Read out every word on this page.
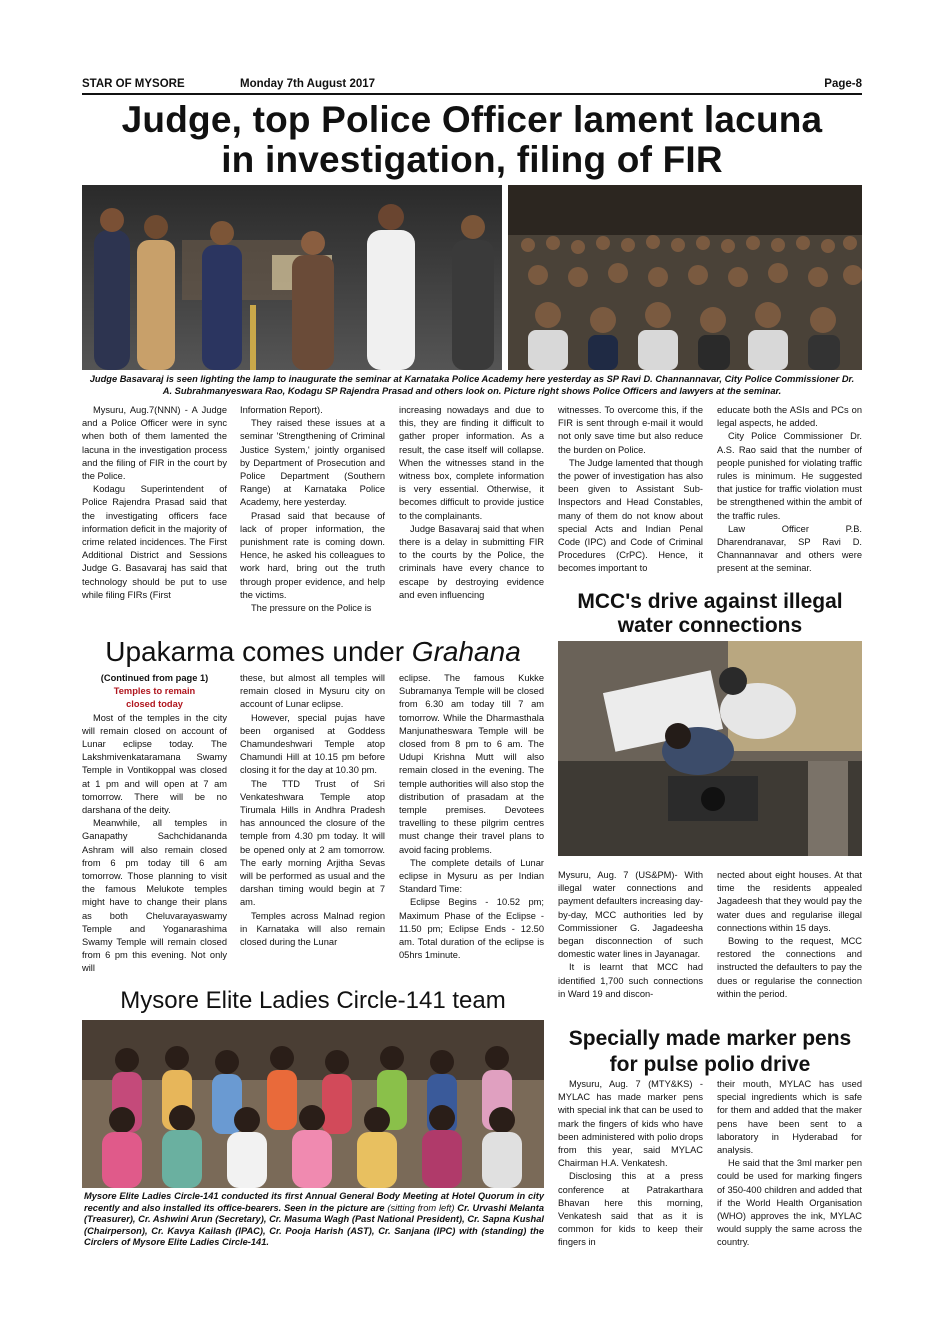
STAR OF MYSORE	Monday 7th August 2017	Page-8
Judge, top Police Officer lament lacuna
in investigation, filing of FIR
Judge Basavaraj is seen lighting the lamp to inaugurate the seminar at Karnataka Police Academy here yesterday as SP Ravi D. Channannavar, City Police Commissioner Dr. A. Subrahmanyeswara Rao, Kodagu SP Rajendra Prasad and others look on. Picture right shows Police Officers and lawyers at the seminar.

Mysuru, Aug.7(NNN) - A Judge and a Police Officer were in sync when both of them lamented the lacuna in the investigation process and the filing of FIR in the court by the Police.

Kodagu Superintendent of Police Rajendra Prasad said that the investigating officers face information deficit in the majority of crime related incidences. The First Additional District and Sessions Judge G. Basavaraj has said that technology should be put to use while filing FIRs (First

Information Report).

They raised these issues at a seminar 'Strengthening of Criminal Justice System,' jointly organised by Department of Prosecution and Police Department (Southern Range) at Karnataka Police Academy, here yesterday.

Prasad said that because of lack of proper information, the punishment rate is coming down. Hence, he asked his colleagues to work hard, bring out the truth through proper evidence, and help the victims.

The pressure on the Police is

increasing nowadays and due to this, they are finding it difficult to gather proper information. As a result, the case itself will collapse. When the witnesses stand in the witness box, complete information is very essential. Otherwise, it becomes difficult to provide justice to the complainants.

Judge Basavaraj said that when there is a delay in submitting FIR to the courts by the Police, the criminals have every chance to escape by destroying evidence and even influencing

witnesses. To overcome this, if the FIR is sent through e-mail it would not only save time but also reduce the burden on Police.

The Judge lamented that though the power of investigation has also been given to Assistant Sub-Inspectors and Head Constables, many of them do not know about special Acts and Indian Penal Code (IPC) and Code of Criminal Procedures (CrPC). Hence, it becomes important to

educate both the ASIs and PCs on legal aspects, he added.

City Police Commissioner Dr. A.S. Rao said that the number of people punished for violating traffic rules is minimum. He suggested that justice for traffic violation must be strengthened within the ambit of the traffic rules.

Law Officer P.B. Dharendranavar, SP Ravi D. Channannavar and others were present at the seminar.

MCC's drive against illegal
water connections
Upakarma comes under Grahana
(Continued from page 1)
Temples to remain
closed today

Most of the temples in the city will remain closed on account of Lunar eclipse today. The Lakshmivenkataramana Swamy Temple in Vontikoppal was closed at 1 pm and will open at 7 am tomorrow. There will be no darshana of the deity.

Meanwhile, all temples in Ganapathy Sachchidananda Ashram will also remain closed from 6 pm today till 6 am tomorrow. Those planning to visit the famous Melukote temples might have to change their plans as both Cheluvarayaswamy Temple and Yoganarashima Swamy Temple will remain closed from 6 pm this evening. Not only will

these, but almost all temples will remain closed in Mysuru city on account of Lunar eclipse.

However, special pujas have been organised at Goddess Chamundeshwari Temple atop Chamundi Hill at 10.15 pm before closing it for the day at 10.30 pm.

The TTD Trust of Sri Venkateshwara Temple atop Tirumala Hills in Andhra Pradesh has announced the closure of the temple from 4.30 pm today. It will be opened only at 2 am tomorrow. The early morning Arjitha Sevas will be performed as usual and the darshan timing would begin at 7 am.

Temples across Malnad region in Karnataka will also remain closed during the Lunar

eclipse. The famous Kukke Subramanya Temple will be closed from 6.30 am today till 7 am tomorrow. While the Dharmasthala Manjunatheswara Temple will be closed from 8 pm to 6 am. The Udupi Krishna Mutt will also remain closed in the evening. The temple authorities will also stop the distribution of prasadam at the temple premises. Devotees travelling to these pilgrim centres must change their travel plans to avoid facing problems.

The complete details of Lunar eclipse in Mysuru as per Indian Standard Time:

Eclipse Begins - 10.52 pm; Maximum Phase of the Eclipse - 11.50 pm; Eclipse Ends - 12.50 am. Total duration of the eclipse is 05hrs 1minute.

Mysuru, Aug. 7 (US&PM)- With illegal water connections and payment defaulters increasing day-by-day, MCC authorities led by Commissioner G. Jagadeesha began disconnection of such domestic water lines in Jayanagar.

It is learnt that MCC had identified 1,700 such connections in Ward 19 and discon-

nected about eight houses. At that time the residents appealed Jagadeesh that they would pay the water dues and regularise illegal connections within 15 days.

Bowing to the request, MCC restored the connections and instructed the defaulters to pay the dues or regularise the connection within the period.

Mysore Elite Ladies Circle-141 team
Mysore Elite Ladies Circle-141 conducted its first Annual General Body Meeting at Hotel Quorum in city recently and also installed its office-bearers. Seen in the picture are (sitting from left) Cr. Urvashi Melanta (Treasurer), Cr. Ashwini Arun (Secretary), Cr. Masuma Wagh (Past National President), Cr. Sapna Kushal (Chairperson), Cr. Kavya Kailash (IPAC), Cr. Pooja Harish (AST), Cr. Sanjana (IPC) with (standing) the Circlers of Mysore Elite Ladies Circle-141.
Specially made marker pens
for pulse polio drive

Mysuru, Aug. 7 (MTY&KS) -MYLAC has made marker pens with special ink that can be used to mark the fingers of kids who have been administered with polio drops from this year, said MYLAC Chairman H.A. Venkatesh.

Disclosing this at a press conference at Patrakarthara Bhavan here this morning, Venkatesh said that as it is common for kids to keep their fingers in

their mouth, MYLAC has used special ingredients which is safe for them and added that the maker pens have been sent to a laboratory in Hyderabad for analysis.

He said that the 3ml marker pen could be used for marking fingers of 350-400 children and added that if the World Health Organisation (WHO) approves the ink, MYLAC would supply the same across the country.
